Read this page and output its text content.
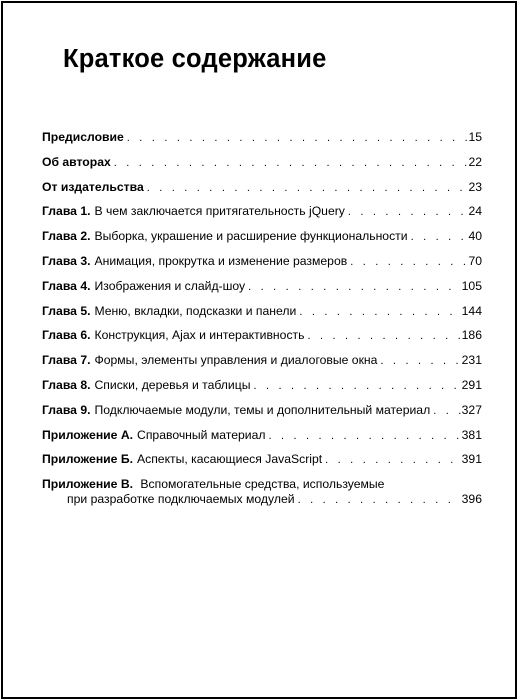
Краткое содержание
Предисловие . . .	15
Об авторах . . .	22
От издательства . . .	23
Глава 1. В чем заключается притягательность jQuery . . .	24
Глава 2. Выборка, украшение и расширение функциональности . . .	40
Глава 3. Анимация, прокрутка и изменение размеров . . .	70
Глава 4. Изображения и слайд-шоу . . .	105
Глава 5. Меню, вкладки, подсказки и панели . . .	144
Глава 6. Конструкция, Ajax и интерактивность . . .	186
Глава 7. Формы, элементы управления и диалоговые окна . . .	231
Глава 8. Списки, деревья и таблицы . . .	291
Глава 9. Подключаемые модули, темы и дополнительный материал . . .	327
Приложение А. Справочный материал . . .	381
Приложение Б. Аспекты, касающиеся JavaScript . . .	391
Приложение В. Вспомогательные средства, используемые
при разработке подключаемых модулей . . .	396
